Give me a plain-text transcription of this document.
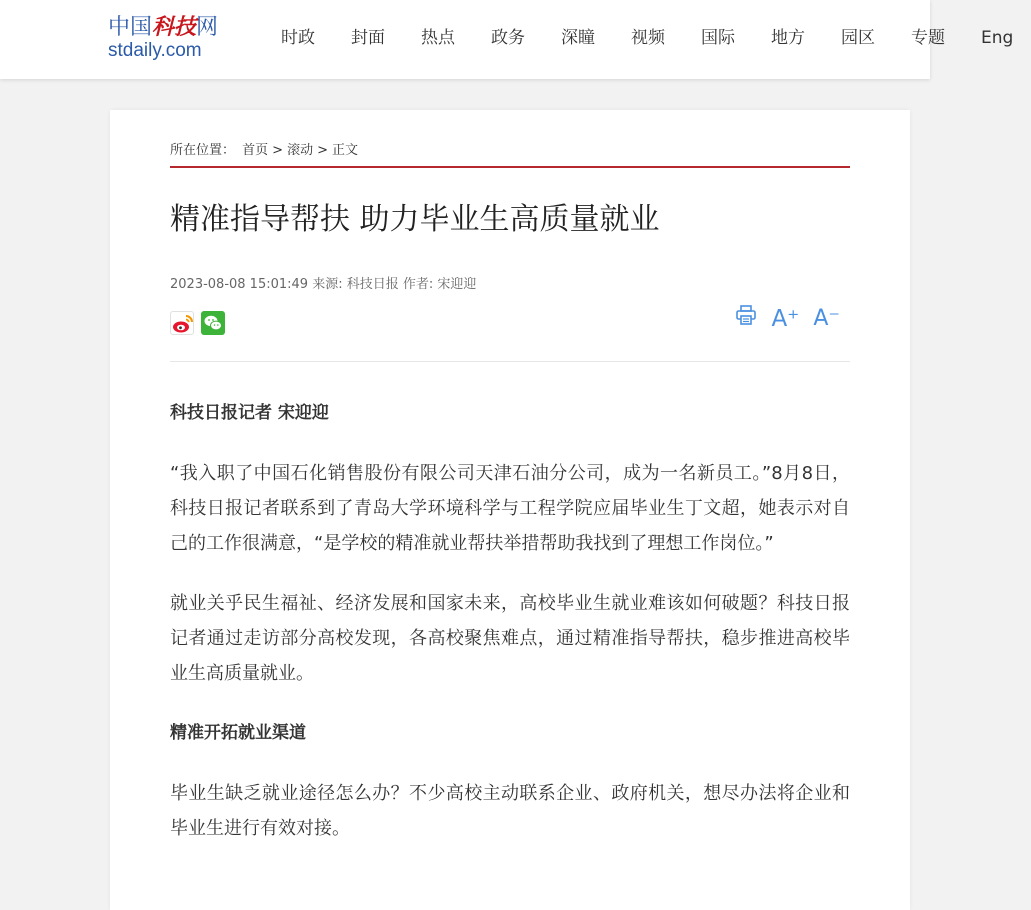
中国科技网
stdaily.com
时政 封面 热点 政务 深瞳 视频 国际 地方 园区 专题 Eng
所在位置： 首页 > 滚动 > 正文
精准指导帮扶 助力毕业生高质量就业
2023-08-08 15:01:49 来源: 科技日报 作者: 宋迎迎
A⁺ A⁻

科技日报记者 宋迎迎

“我入职了中国石化销售股份有限公司天津石油分公司，成为一名新员工。”8月8日，科技日报记者联系到了青岛大学环境科学与工程学院应届毕业生丁文超，她表示对自己的工作很满意，“是学校的精准就业帮扶举措帮助我找到了理想工作岗位。”

就业关乎民生福祉、经济发展和国家未来，高校毕业生就业难该如何破题？科技日报记者通过走访部分高校发现，各高校聚焦难点，通过精准指导帮扶，稳步推进高校毕业生高质量就业。

精准开拓就业渠道

毕业生缺乏就业途径怎么办？不少高校主动联系企业、政府机关，想尽办法将企业和毕业生进行有效对接。
